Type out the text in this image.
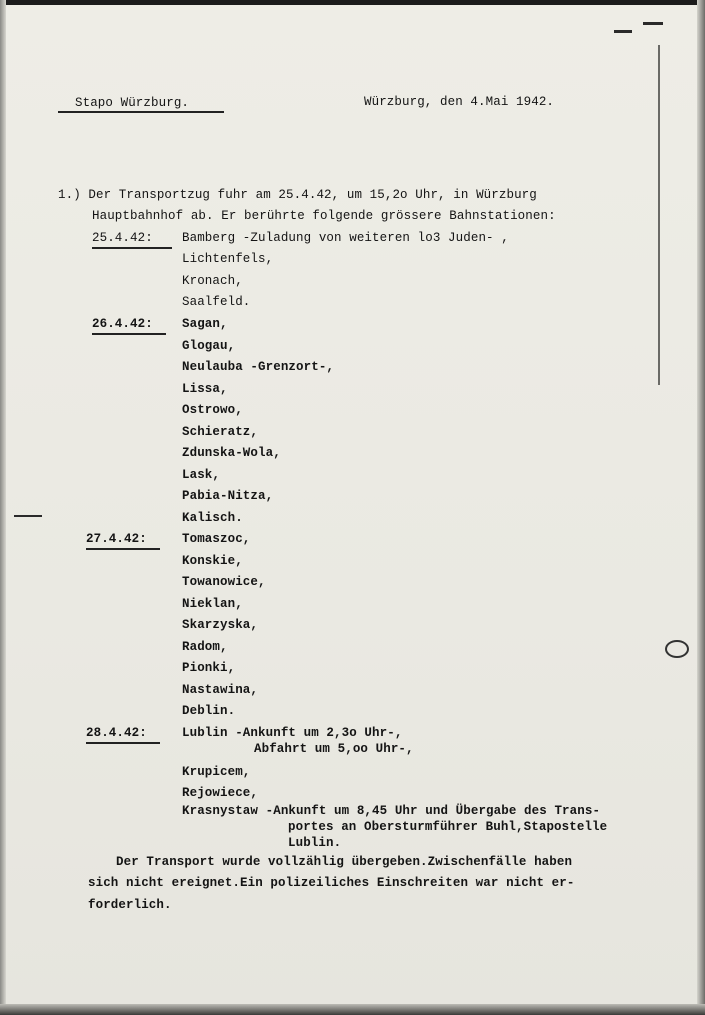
Stapo Würzburg.	Würzburg, den 4.Mai 1942.
1.) Der Transportzug fuhr am 25.4.42, um 15,2o Uhr, in Würzburg
Hauptbahnhof ab. Er berührte folgende grössere Bahnstationen:
25.4.42: Bamberg -Zuladung von weiteren lo3 Juden- ,
Lichtenfels,
Kronach,
Saalfeld.
26.4.42: Sagan,
Glogau,
Neulauba -Grenzort-,
Lissa,
Ostrowo,
Schieratz,
Zdunska-Wola,
Lask,
Pabia-Nitza,
Kalisch.
27.4.42:	Tomaszoc,
Konskie,
Towanowice,
Nieklan,
Skarzyska,
Radom,
Pionki,
Nastawina,
Deblin.
28.4.42:	Lublin -Ankunft um 2,3o Uhr-,
Abfahrt um 5,oo Uhr-,
Krupicem,
Rejowiece,
Krasnystaw -Ankunft um 8,45 Uhr und Übergabe des Trans-
portes an Obersturmführer Buhl,Stapostelle
Lublin.
Der Transport wurde vollzählig übergeben.Zwischenfälle haben
sich nicht ereignet.Ein polizeiliches Einschreiten war nicht er-
forderlich.
